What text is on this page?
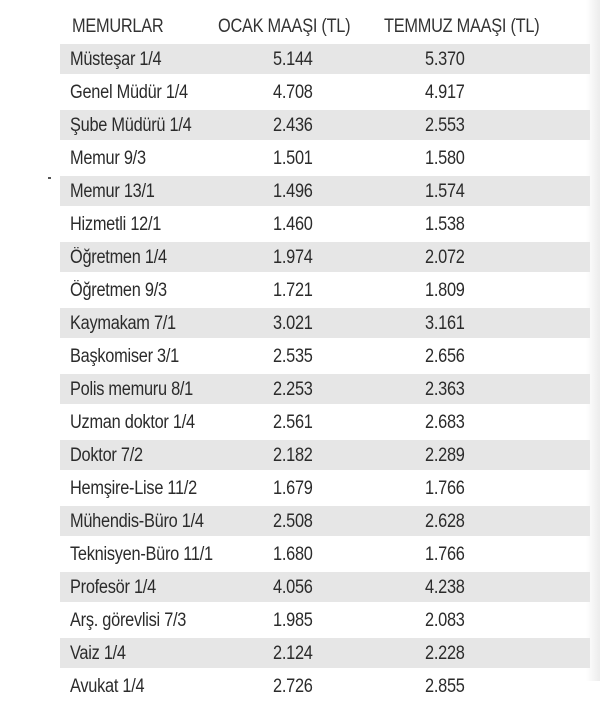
MEMURLAR	OCAK MAAŞI (TL) TEMMUZ MAAŞI (TL)
Müsteşar 1/4	5.144	5.370
Genel Müdür 1/4	4.708	4.917
Şube Müdürü 1/4	2.436	2.553
Memur 9/3	1.501	1.580
Memur 13/1	1.496	1.574
Hizmetli 12/1	1.460	1.538
Öğretmen 1/4	1.974	2.072
Öğretmen 9/3	1.721	1.809
Kaymakam 7/1	3.021	3.161
Başkomiser 3/1	2.535	2.656
Polis memuru 8/1	2.253	2.363
Uzman doktor 1/4	2.561	2.683
Doktor 7/2	2.182	2.289
Hemşire-Lise 11/2	1.679	1.766
Mühendis-Büro 1/4	2.508	2.628
Teknisyen-Büro 11/1	1.680	1.766
Profesör 1/4	4.056	4.238
Arş. görevlisi 7/3	1.985	2.083
Vaiz 1/4	2.124	2.228
Avukat 1/4	2.726	2.855
